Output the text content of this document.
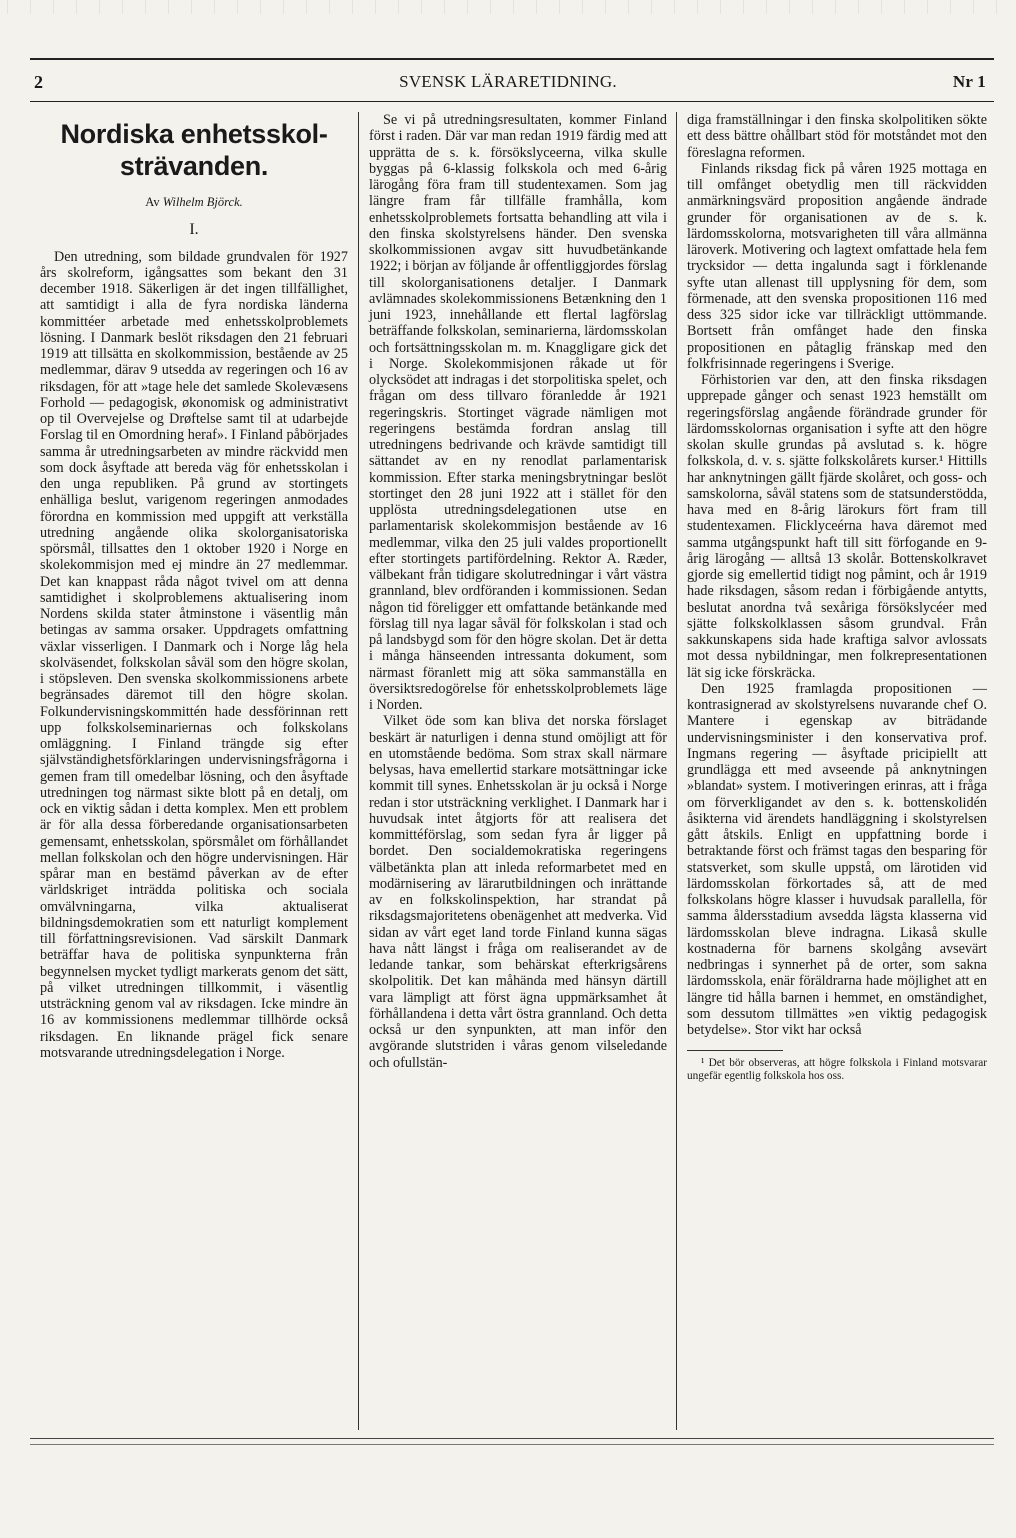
SVENSK LÄRARETIDNING.
2	Nr 1
Nordiska enhetsskol-
strävanden.
Av Wilhelm Björck.
I.

Den utredning, som bildade grundvalen för 1927 års skolreform, igångsattes som bekant den 31 december 1918. Säkerligen är det ingen tillfällighet, att samtidigt i alla de fyra nordiska länderna kommittéer arbetade med enhetsskolproblemets lösning. I Danmark beslöt riksdagen den 21 februari 1919 att tillsätta en skolkommission, bestående av 25 medlemmar, därav 9 utsedda av regeringen och 16 av riksdagen, för att »tage hele det samlede Skolevæsens Forhold — pedagogisk, økonomisk og administrativt op til Overvejelse og Drøftelse samt til at udarbejde Forslag til en Omordning heraf». I Finland påbörjades samma år utredningsarbeten av mindre räckvidd men som dock åsyftade att bereda väg för enhetsskolan i den unga republiken. På grund av stortingets enhälliga beslut, varigenom regeringen anmodades förordna en kommission med uppgift att verkställa utredning angående olika skolorganisatoriska spörsmål, tillsattes den 1 oktober 1920 i Norge en skolekommisjon med ej mindre än 27 medlemmar. Det kan knappast råda något tvivel om att denna samtidighet i skolproblemens aktualisering inom Nordens skilda stater åtminstone i väsentlig mån betingas av samma orsaker. Uppdragets omfattning växlar visserligen. I Danmark och i Norge låg hela skolväsendet, folkskolan såväl som den högre skolan, i stöpsleven. Den svenska skolkommissionens arbete begränsades däremot till den högre skolan. Folkundervisningskommittén hade dessförinnan rett upp folkskolseminariernas och folkskolans omläggning. I Finland trängde sig efter självständighetsförklaringen undervisningsfrågorna i gemen fram till omedelbar lösning, och den åsyftade utredningen tog närmast sikte blott på en detalj, om ock en viktig sådan i detta komplex. Men ett problem är för alla dessa förberedande organisationsarbeten gemensamt, enhetsskolan, spörsmålet om förhållandet mellan folkskolan och den högre undervisningen. Här spårar man en bestämd påverkan av de efter världskriget inträdda politiska och sociala omvälvningarna, vilka aktualiserat bildningsdemokratien som ett naturligt komplement till författningsrevisionen. Vad särskilt Danmark beträffar hava de politiska synpunkterna från begynnelsen mycket tydligt markerats genom det sätt, på vilket utredningen tillkommit, i väsentlig utsträckning genom val av riksdagen. Icke mindre än 16 av kommissionens medlemmar tillhörde också riksdagen. En liknande prägel fick senare motsvarande utredningsdelegation i Norge.

Se vi på utredningsresultaten, kommer Finland först i raden. Där var man redan 1919 färdig med att upprätta de s. k. försökslyceerna, vilka skulle byggas på 6-klassig folkskola och med 6-årig lärogång föra fram till studentexamen. Som jag längre fram får tillfälle framhålla, kom enhetsskolproblemets fortsatta behandling att vila i den finska skolstyrelsens händer. Den svenska skolkommissionen avgav sitt huvudbetänkande 1922; i början av följande år offentliggjordes förslag till skolorganisationens detaljer. I Danmark avlämnades skolekommissionens Betænkning den 1 juni 1923, innehållande ett flertal lagförslag beträffande folkskolan, seminarierna, lärdomsskolan och fortsättningsskolan m. m. Knaggligare gick det i Norge. Skolekommisjonen råkade ut för olycksödet att indragas i det storpolitiska spelet, och frågan om dess tillvaro föranledde år 1921 regeringskris. Stortinget vägrade nämligen mot regeringens bestämda fordran anslag till utredningens bedrivande och krävde samtidigt till sättandet av en ny renodlat parlamentarisk kommission. Efter starka meningsbrytningar beslöt stortinget den 28 juni 1922 att i stället för den upplösta utredningsdelegationen utse en parlamentarisk skolekommisjon bestående av 16 medlemmar, vilka den 25 juli valdes proportionellt efter stortingets partifördelning. Rektor A. Ræder, välbekant från tidigare skolutredningar i vårt västra grannland, blev ordföranden i kommissionen. Sedan någon tid föreligger ett omfattande betänkande med förslag till nya lagar såväl för folkskolan i stad och på landsbygd som för den högre skolan. Det är detta i många hänseenden intressanta dokument, som närmast föranlett mig att söka sammanställa en översiktsredogörelse för enhetsskolproblemets läge i Norden.

Vilket öde som kan bliva det norska förslaget beskärt är naturligen i denna stund omöjligt att för en utomstående bedöma. Som strax skall närmare belysas, hava emellertid starkare motsättningar icke kommit till synes. Enhetsskolan är ju också i Norge redan i stor utsträckning verklighet. I Danmark har i huvudsak intet åtgjorts för att realisera det kommittéförslag, som sedan fyra år ligger på bordet. Den socialdemokratiska regeringens välbetänkta plan att inleda reformarbetet med en modärnisering av lärarutbildningen och inrättande av en folkskolinspektion, har strandat på riksdagsmajoritetens obenägenhet att medverka. Vid sidan av vårt eget land torde Finland kunna sägas hava nått längst i fråga om realiserandet av de ledande tankar, som behärskat efterkrigsårens skolpolitik. Det kan måhända med hänsyn därtill vara lämpligt att först ägna uppmärksamhet åt förhållandena i detta vårt östra grannland. Och detta också ur den synpunkten, att man inför den avgörande slutstriden i våras genom vilseledande och ofullstän-

diga framställningar i den finska skolpolitiken sökte ett dess bättre ohållbart stöd för motståndet mot den föreslagna reformen.

Finlands riksdag fick på våren 1925 mottaga en till omfånget obetydlig men till räckvidden anmärkningsvärd proposition angående ändrade grunder för organisationen av de s. k. lärdomsskolorna, motsvarigheten till våra allmänna läroverk. Motivering och lagtext omfattade hela fem trycksidor — detta ingalunda sagt i förklenande syfte utan allenast till upplysning för dem, som förmenade, att den svenska propositionen 116 med dess 325 sidor icke var tillräckligt uttömmande. Bortsett från omfånget hade den finska propositionen en påtaglig fränskap med den folkfrisinnade regeringens i Sverige.

Förhistorien var den, att den finska riksdagen upprepade gånger och senast 1923 hemställt om regeringsförslag angående förändrade grunder för lärdomsskolornas organisation i syfte att den högre skolan skulle grundas på avslutad s. k. högre folkskola, d. v. s. sjätte folkskolårets kurser.¹ Hittills har anknytningen gällt fjärde skolåret, och goss- och samskolorna, såväl statens som de statsunderstödda, hava med en 8-årig lärokurs fört fram till studentexamen. Flicklyceérna hava däremot med samma utgångspunkt haft till sitt förfogande en 9-årig lärogång — alltså 13 skolår. Bottenskolkravet gjorde sig emellertid tidigt nog påmint, och år 1919 hade riksdagen, såsom redan i förbigående antytts, beslutat anordna två sexåriga försökslycéer med sjätte folkskolklassen såsom grundval. Från sakkunskapens sida hade kraftiga salvor avlossats mot dessa nybildningar, men folkrepresentationen lät sig icke förskräcka.

Den 1925 framlagda propositionen — kontrasignerad av skolstyrelsens nuvarande chef O. Mantere i egenskap av biträdande undervisningsminister i den konservativa prof. Ingmans regering — åsyftade pricipiellt att grundlägga ett med avseende på anknytningen »blandat» system. I motiveringen erinras, att i fråga om förverkligandet av den s. k. bottenskolidén åsikterna vid ärendets handläggning i skolstyrelsen gått åtskils. Enligt en uppfattning borde i betraktande först och främst tagas den besparing för statsverket, som skulle uppstå, om lärotiden vid lärdomsskolan förkortades så, att de med folkskolans högre klasser i huvudsak parallella, för samma åldersstadium avsedda lägsta klasserna vid lärdomsskolan bleve indragna. Likaså skulle kostnaderna för barnens skolgång avsevärt nedbringas i synnerhet på de orter, som sakna lärdomsskola, enär föräldrarna hade möjlighet att en längre tid hålla barnen i hemmet, en omständighet, som dessutom tillmättes »en viktig pedagogisk betydelse». Stor vikt har också

¹ Det bör observeras, att högre folkskola i Finland motsvarar ungefär egentlig folkskola hos oss.
